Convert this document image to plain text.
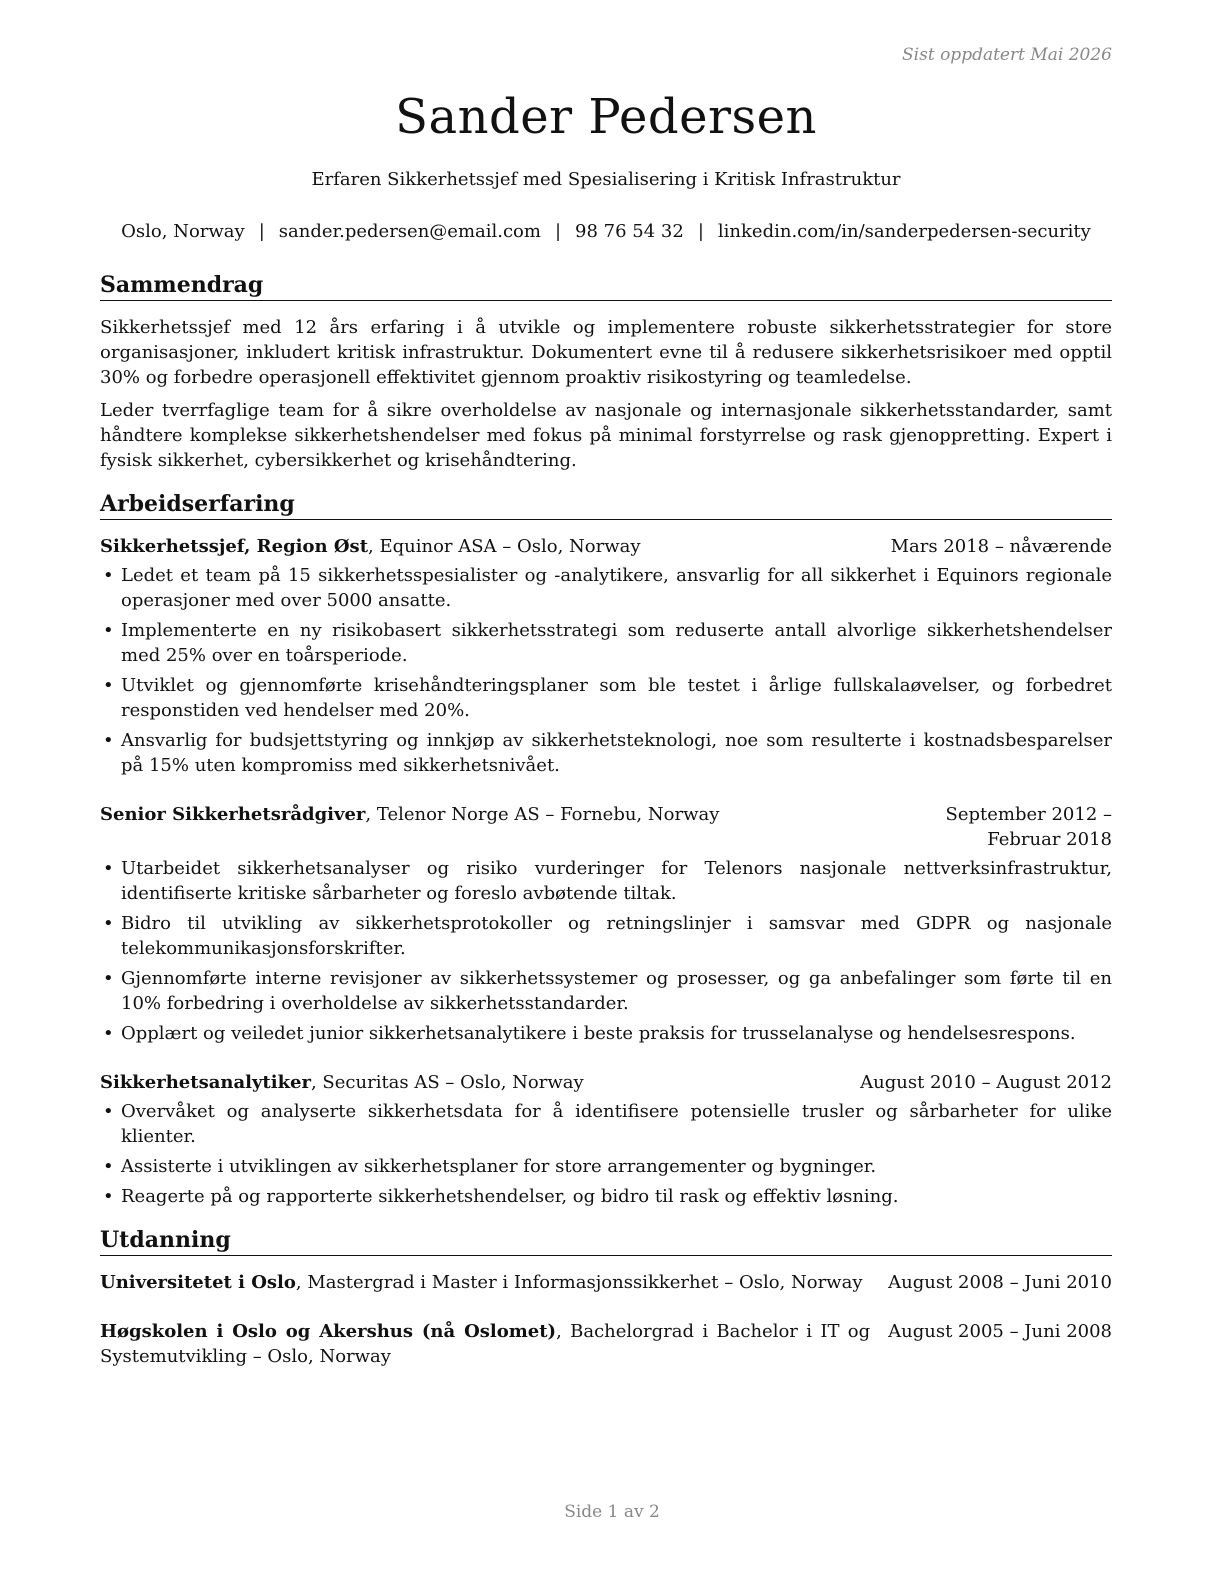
Sist oppdatert Mai 2026
Sander Pedersen
Erfaren Sikkerhetssjef med Spesialisering i Kritisk Infrastruktur
Oslo, Norway | sander.pedersen@email.com | 98 76 54 32 | linkedin.com/in/sanderpedersen-security
Sammendrag

Sikkerhetssjef med 12 års erfaring i å utvikle og implementere robuste sikkerhetsstrategier for store organisasjoner, inkludert kritisk infrastruktur. Dokumentert evne til å redusere sikkerhetsrisikoer med opptil 30% og forbedre operasjonell effektivitet gjennom proaktiv risikostyring og teamledelse.

Leder tverrfaglige team for å sikre overholdelse av nasjonale og internasjonale sikkerhetsstandarder, samt håndtere komplekse sikkerhetshendelser med fokus på minimal forstyrrelse og rask gjenoppretting. Expert i fysisk sikkerhet, cybersikkerhet og krisehåndtering.

Arbeidserfaring
Sikkerhetssjef, Region Øst, Equinor ASA – Oslo, Norway	Mars 2018 – nåværende
• Ledet et team på 15 sikkerhetsspesialister og -analytikere, ansvarlig for all sikkerhet i Equinors regionale operasjoner med over 5000 ansatte.
• Implementerte en ny risikobasert sikkerhetsstrategi som reduserte antall alvorlige sikkerhetshendelser med 25% over en toårsperiode.
• Utviklet og gjennomførte krisehåndteringsplaner som ble testet i årlige fullskalaøvelser, og forbedret responstiden ved hendelser med 20%.
• Ansvarlig for budsjettstyring og innkjøp av sikkerhetsteknologi, noe som resulterte i kostnadsbesparelser på 15% uten kompromiss med sikkerhetsnivået.
Senior Sikkerhetsrådgiver, Telenor Norge AS – Fornebu, Norway	September 2012 – Februar 2018
• Utarbeidet sikkerhetsanalyser og risiko vurderinger for Telenors nasjonale nettverksinfrastruktur, identifiserte kritiske sårbarheter og foreslo avbøtende tiltak.
• Bidro til utvikling av sikkerhetsprotokoller og retningslinjer i samsvar med GDPR og nasjonale telekommunikasjonsforskrifter.
• Gjennomførte interne revisjoner av sikkerhetssystemer og prosesser, og ga anbefalinger som førte til en 10% forbedring i overholdelse av sikkerhetsstandarder.
• Opplært og veiledet junior sikkerhetsanalytikere i beste praksis for trusselanalyse og hendelsesrespons.
Sikkerhetsanalytiker, Securitas AS – Oslo, Norway	August 2010 – August 2012
• Overvåket og analyserte sikkerhetsdata for å identifisere potensielle trusler og sårbarheter for ulike klienter.
• Assisterte i utviklingen av sikkerhetsplaner for store arrangementer og bygninger.
• Reagerte på og rapporterte sikkerhetshendelser, og bidro til rask og effektiv løsning.
Utdanning
Universitetet i Oslo, Mastergrad i Master i Informasjonssikkerhet – Oslo, Norway	August 2008 – Juni 2010
Høgskolen i Oslo og Akershus (nå Oslomet), Bachelorgrad i Bachelor i IT og Systemutvikling – Oslo, Norway
August 2005 – Juni 2008
Side 1 av 2
